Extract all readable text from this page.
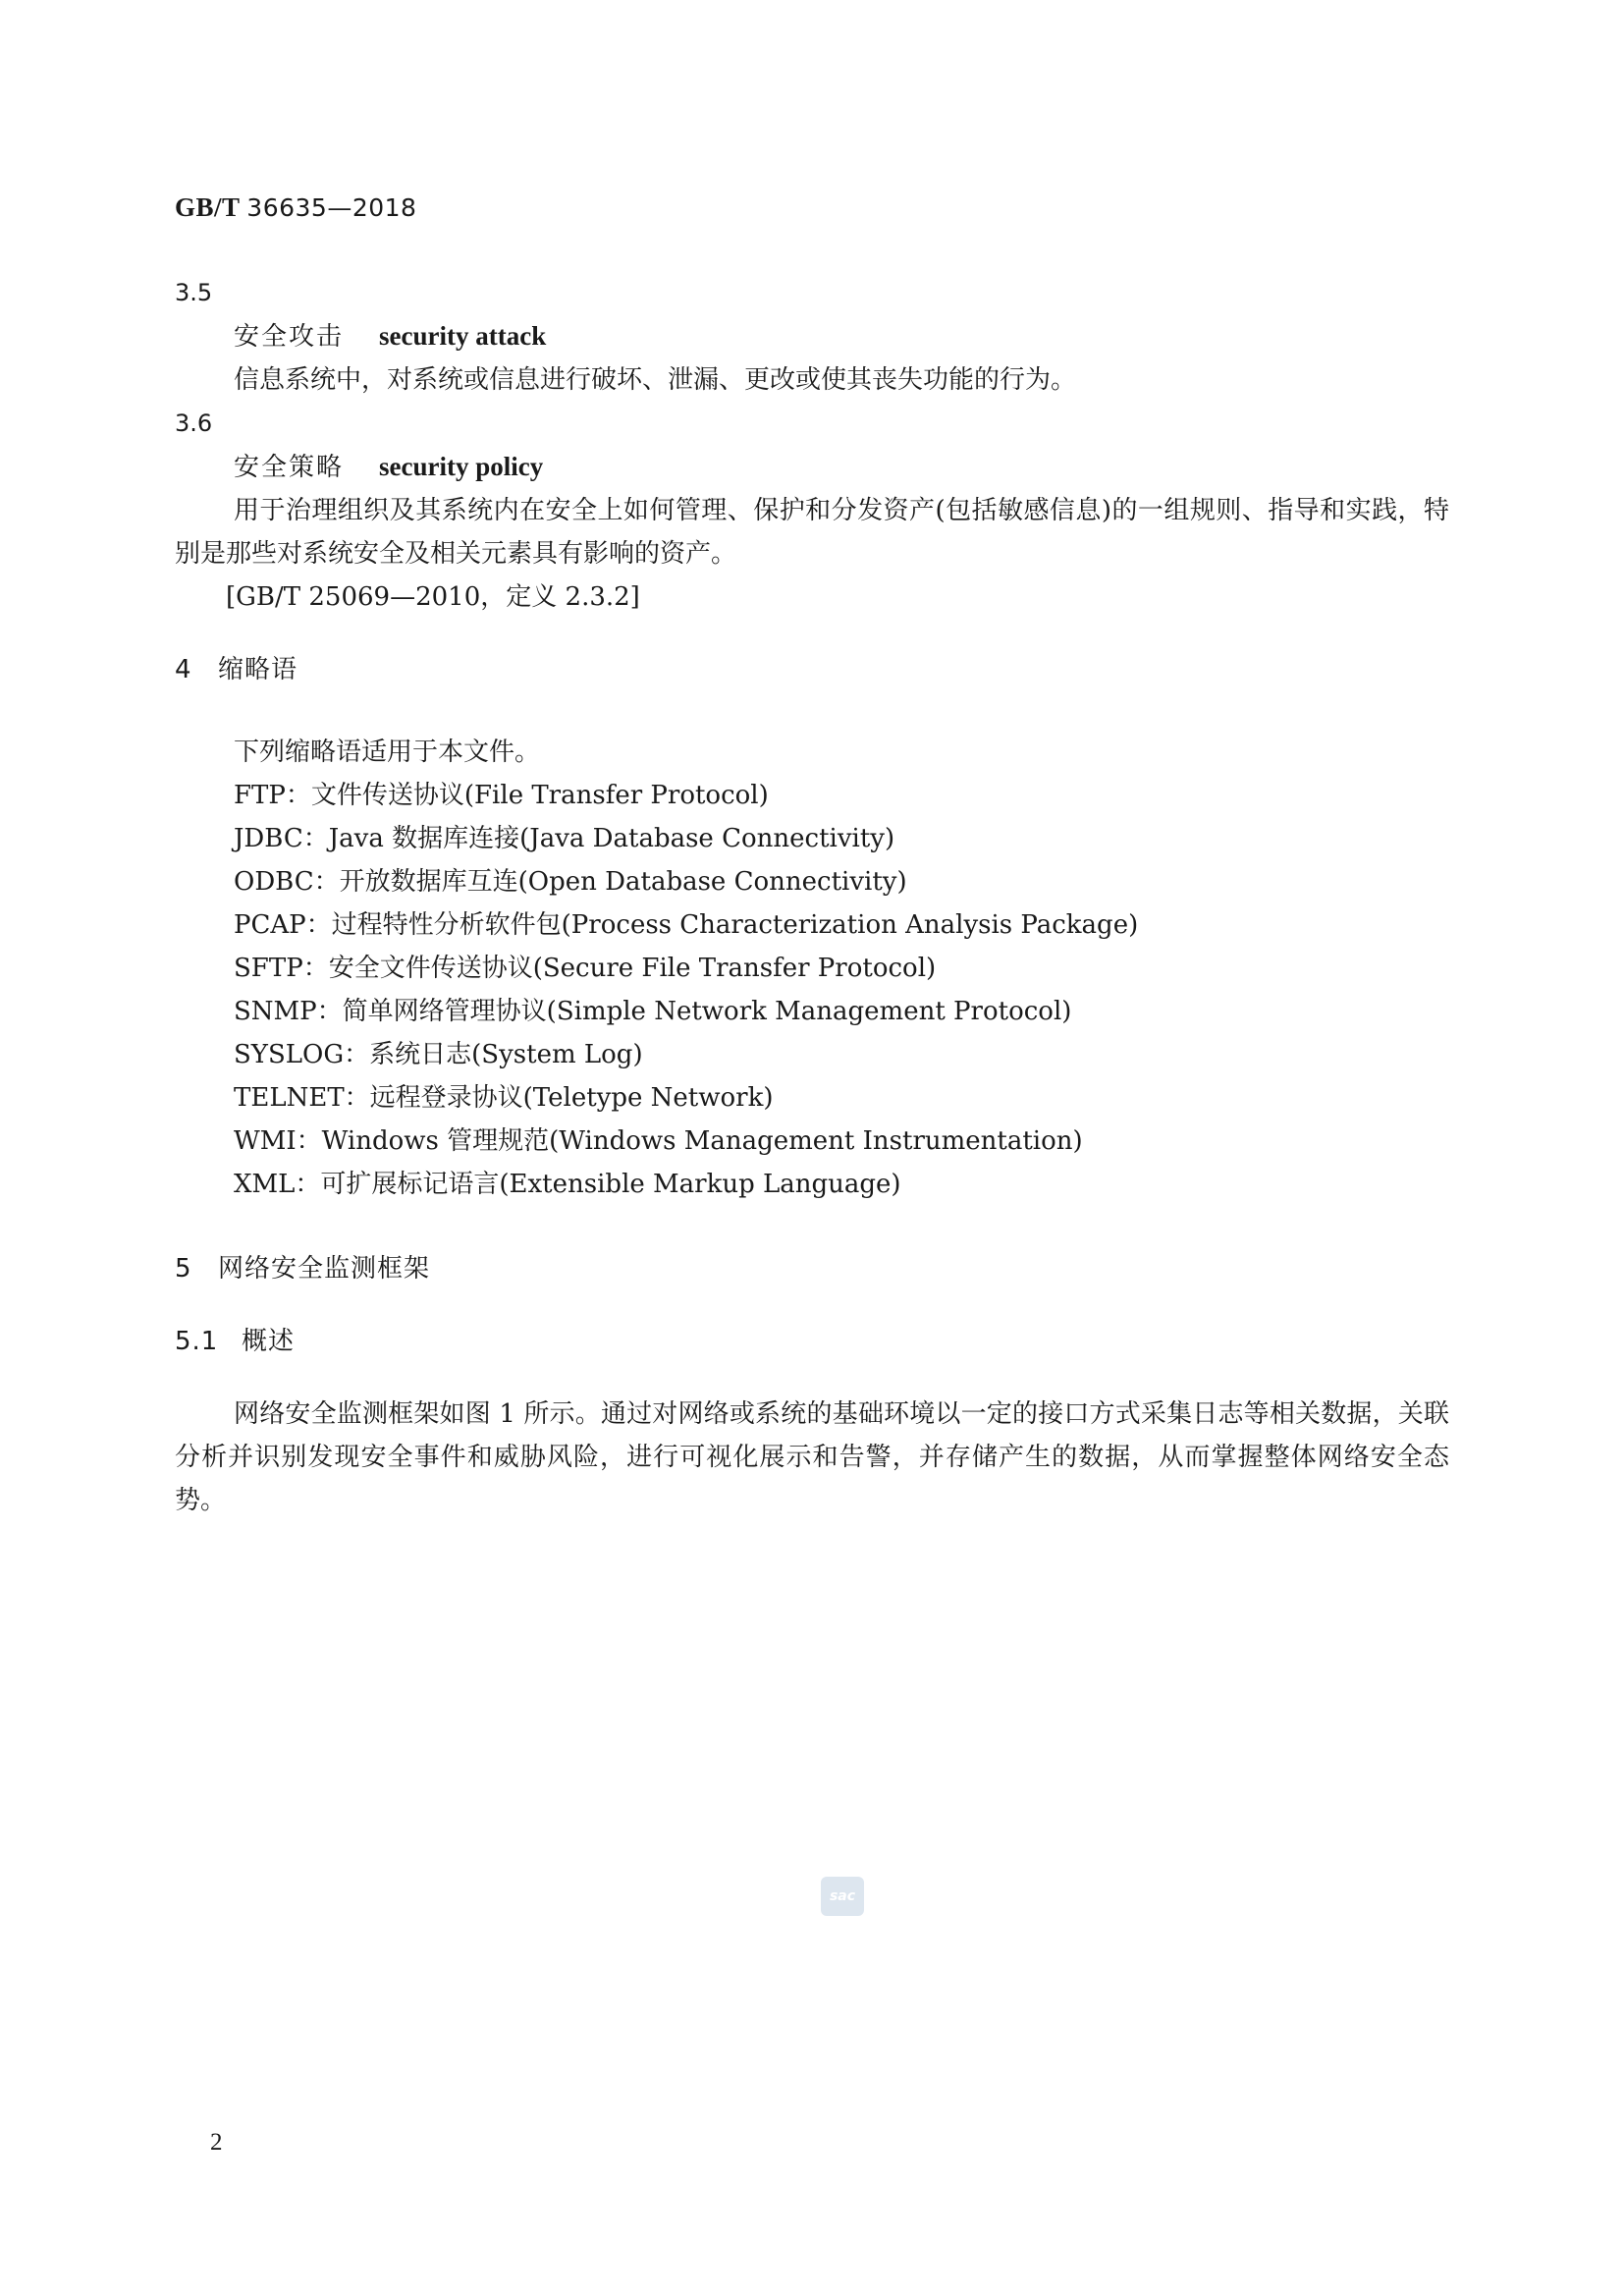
GB/T 36635—2018
3.5
安全攻击 security attack
信息系统中，对系统或信息进行破坏、泄漏、更改或使其丧失功能的行为。
3.6
安全策略 security policy
用于治理组织及其系统内在安全上如何管理、保护和分发资产(包括敏感信息)的一组规则、指导和实践，特别是那些对系统安全及相关元素具有影响的资产。
[GB/T 25069—2010，定义 2.3.2]
4 缩略语
下列缩略语适用于本文件。
FTP：文件传送协议(File Transfer Protocol)
JDBC：Java 数据库连接(Java Database Connectivity)
ODBC：开放数据库互连(Open Database Connectivity)
PCAP：过程特性分析软件包(Process Characterization Analysis Package)
SFTP：安全文件传送协议(Secure File Transfer Protocol)
SNMP：简单网络管理协议(Simple Network Management Protocol)
SYSLOG：系统日志(System Log)
TELNET：远程登录协议(Teletype Network)
WMI：Windows 管理规范(Windows Management Instrumentation)
XML：可扩展标记语言(Extensible Markup Language)
5 网络安全监测框架
5.1 概述
网络安全监测框架如图 1 所示。通过对网络或系统的基础环境以一定的接口方式采集日志等相关数据，关联分析并识别发现安全事件和威胁风险，进行可视化展示和告警，并存储产生的数据，从而掌握整体网络安全态势。
sac
2
